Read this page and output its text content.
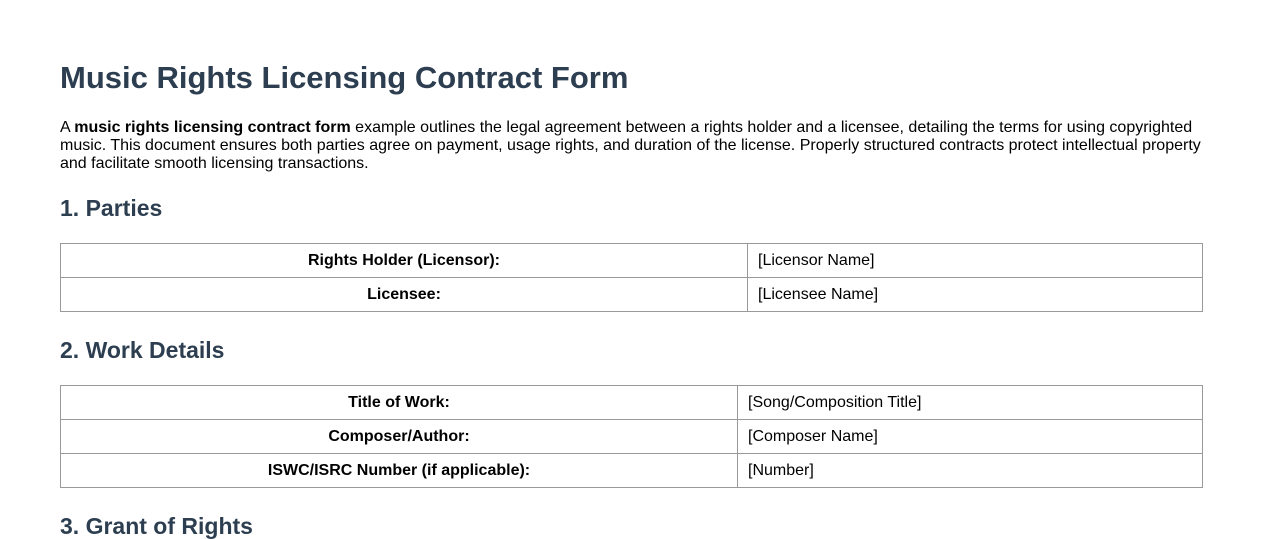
Music Rights Licensing Contract Form

A music rights licensing contract form example outlines the legal agreement between a rights holder and a licensee, detailing the terms for using copyrighted music. This document ensures both parties agree on payment, usage rights, and duration of the license. Properly structured contracts protect intellectual property and facilitate smooth licensing transactions.

1. Parties
Rights Holder (Licensor):	[Licensor Name]
Licensee:	[Licensee Name]
2. Work Details
Title of Work:	[Song/Composition Title]
Composer/Author:	[Composer Name]
ISWC/ISRC Number (if applicable):	[Number]
3. Grant of Rights
